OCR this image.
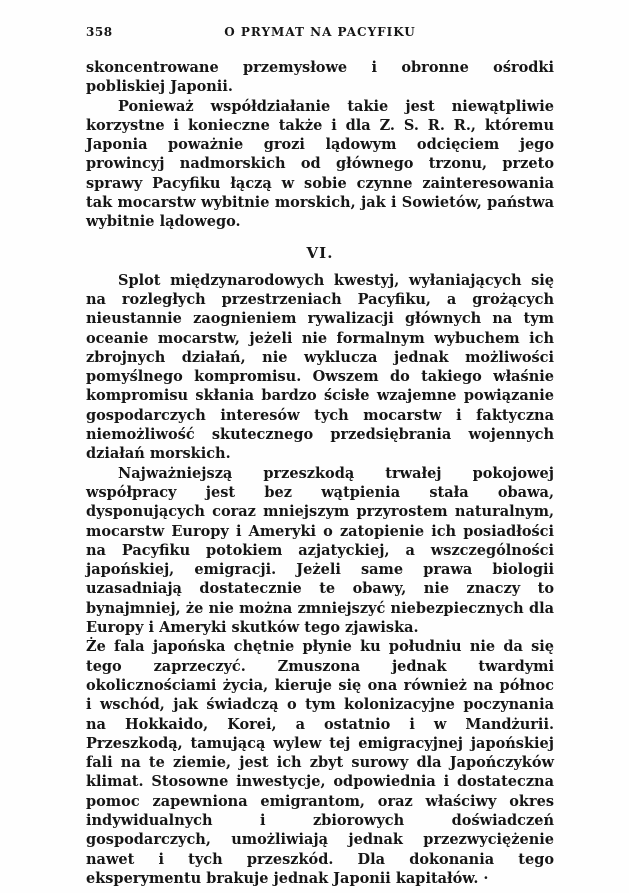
358	O PRYMAT NA PACYFIKU

skoncentrowane przemysłowe i obronne ośrodki pobliskiej Japonii.

Ponieważ współdziałanie takie jest niewątpliwie korzystne i konieczne także i dla Z. S. R. R., któremu Japonia poważnie grozi lądowym odcięciem jego prowincyj nadmorskich od głównego trzonu, przeto sprawy Pacyfiku łączą w sobie czynne zainteresowania tak mocarstw wybitnie morskich, jak i Sowietów, państwa wybitnie lądowego.

VI.

Splot międzynarodowych kwestyj, wyłaniających się na rozległych przestrzeniach Pacyfiku, a grożących nieustannie zaognieniem rywalizacji głównych na tym oceanie mocarstw, jeżeli nie formalnym wybuchem ich zbrojnych działań, nie wyklucza jednak możliwości pomyślnego kompromisu. Owszem do takiego właśnie kompromisu skłania bardzo ścisłe wzajemne powiązanie gospodarczych interesów tych mocarstw i faktyczna niemożliwość skutecznego przedsiębrania wojennych działań morskich.

Najważniejszą przeszkodą trwałej pokojowej współpracy jest bez wątpienia stała obawa, dysponujących coraz mniejszym przyrostem naturalnym, mocarstw Europy i Ameryki o zatopienie ich posiadłości na Pacyfiku potokiem azjatyckiej, a wszczególności japońskiej, emigracji. Jeżeli same prawa biologii uzasadniają dostatecznie te obawy, nie znaczy to bynajmniej, że nie można zmniejszyć niebezpiecznych dla Europy i Ameryki skutków tego zjawiska.

Że fala japońska chętnie płynie ku południu nie da się tego zaprzeczyć. Zmuszona jednak twardymi okolicznościami życia, kieruje się ona również na północ i wschód, jak świadczą o tym kolonizacyjne poczynania na Hokkaido, Korei, a ostatnio i w Mandżurii. Przeszkodą, tamującą wylew tej emigracyjnej japońskiej fali na te ziemie, jest ich zbyt surowy dla Japończyków klimat. Stosowne inwestycje, odpowiednia i dostateczna pomoc zapewniona emigrantom, oraz właściwy okres indywidualnych i zbiorowych doświadczeń gospodarczych, umożliwiają jednak przezwyciężenie nawet i tych przeszkód. Dla dokonania tego eksperymentu brakuje jednak Japonii kapitałów. ·
